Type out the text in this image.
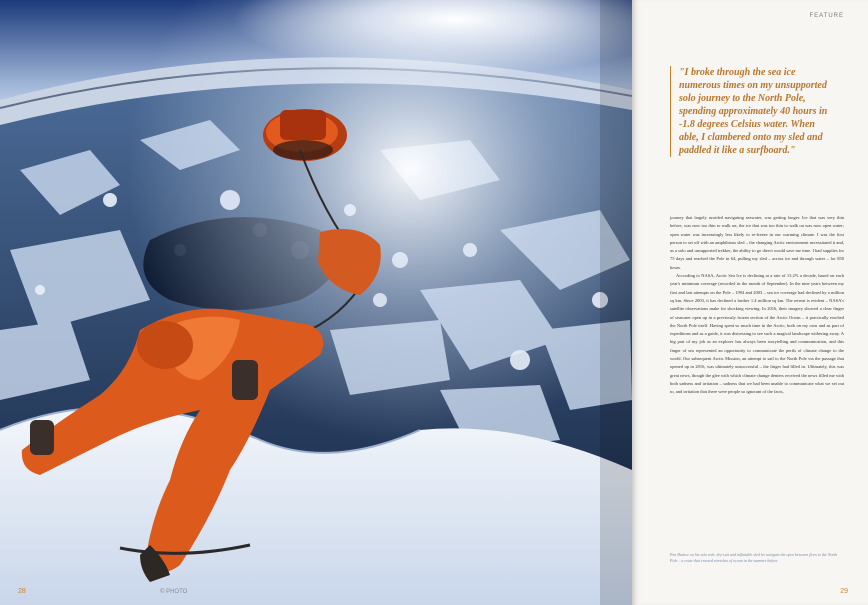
28	© PHOTO
FEATURE
"I broke through the sea ice numerous times on my unsupported solo journey to the North Pole, spending approximately 40 hours in -1.8 degrees Celsius water. When able, I clambered onto my sled and paddled it like a surfboard."

journey that largely avoided navigating seawater, was getting longer. Ice that was very thin before, was now too thin to walk on; the ice that was too thin to walk on was now open water; open water was increasingly less likely to re-freeze in our warming climate. I was the first person to set off with an amphibious sled – the changing Arctic environment necessitated it and, as a solo and unsupported trekker, the ability to go direct would save me time. I had supplies for 75 days and reached the Pole in 64, pulling my sled – across ice and through water – for 850 hours.

According to NASA, Arctic Sea Ice is declining at a rate of 13.2% a decade, based on each year's minimum coverage (recorded in the month of September). In the nine years between my first and last attempts on the Pole – 1994 and 2003 – sea ice coverage had declined by a million sq km. Since 2003, it has declined a further 1.4 million sq km. The retreat is evident – NASA's satellite observations make for shocking viewing. In 2016, their imagery showed a clear finger of seawater open up in a previously frozen section of the Arctic Ocean – it practically reached the North Pole itself. Having spent so much time in the Arctic, both on my own and as part of expeditions and as a guide, it was distressing to see such a magical landscape withering away. A big part of my job as an explorer has always been storytelling and communication, and this finger of sea represented an opportunity to communicate the perils of climate change to the world. Our subsequent Arctic Mission, an attempt to sail to the North Pole via the passage that opened up in 2016, was ultimately unsuccessful – the finger had filled in. Ultimately, this was great news, though the glee with which climate change deniers received the news filled me with both sadness and irritation – sadness that we had been unable to communicate what we set out to, and irritation that there were people so ignorant of the facts,

Pen Hadow on his solo trek: dry-suit and inflatable sled let navigate the open between floes to the North Pole – a route that crossed stretches of ocean in the summer before.
29
